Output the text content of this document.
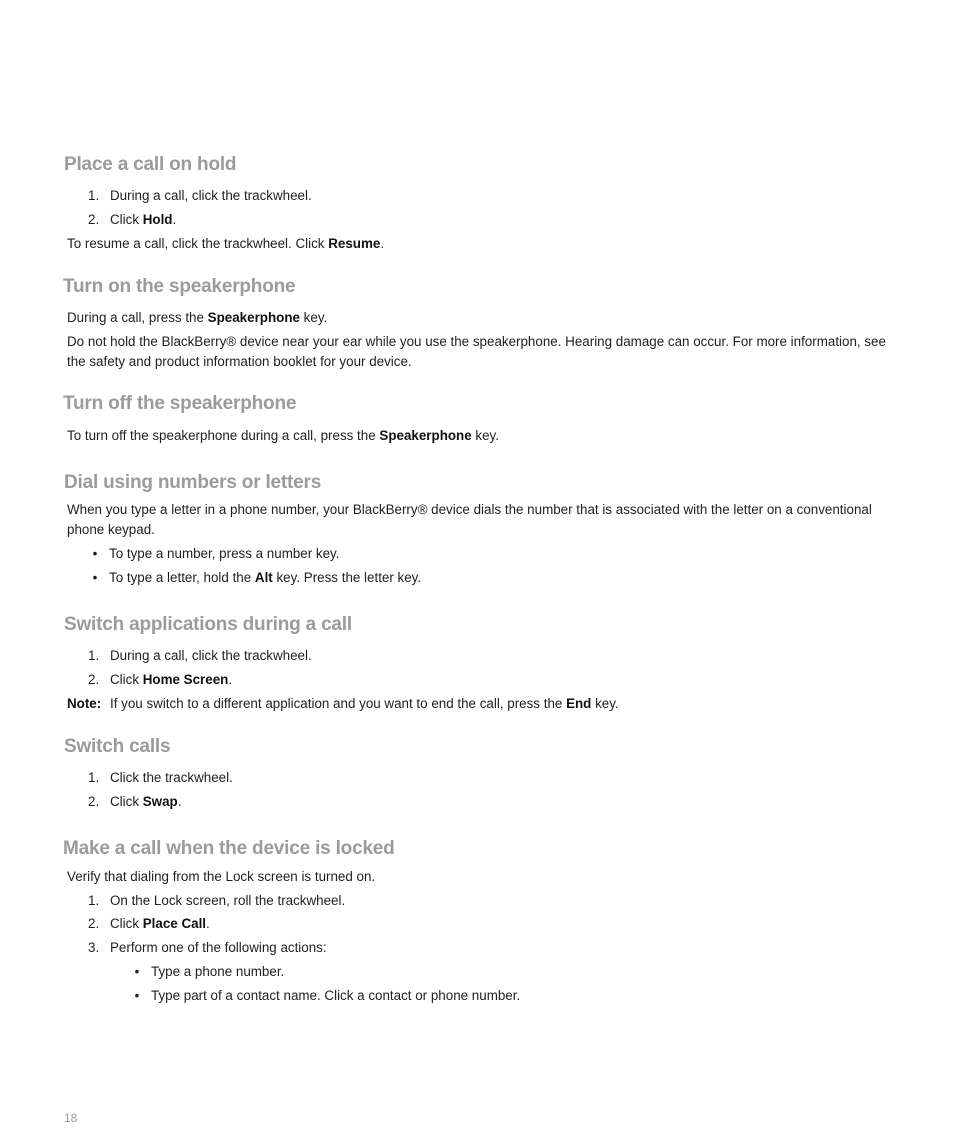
Place a call on hold
1. During a call, click the trackwheel.
2. Click Hold.

To resume a call, click the trackwheel. Click Resume.

Turn on the speakerphone

During a call, press the Speakerphone key.

Do not hold the BlackBerry® device near your ear while you use the speakerphone. Hearing damage can occur. For more information, see the safety and product information booklet for your device.

Turn off the speakerphone

To turn off the speakerphone during a call, press the Speakerphone key.

Dial using numbers or letters

When you type a letter in a phone number, your BlackBerry® device dials the number that is associated with the letter on a conventional phone keypad.

• To type a number, press a number key.
• To type a letter, hold the Alt key. Press the letter key.
Switch applications during a call
1. During a call, click the trackwheel.
2. Click Home Screen.
Note: If you switch to a different application and you want to end the call, press the End key.
Switch calls
1. Click the trackwheel.
2. Click Swap.
Make a call when the device is locked

Verify that dialing from the Lock screen is turned on.

1. On the Lock screen, roll the trackwheel.
2. Click Place Call.
3. Perform one of the following actions:
• Type a phone number.
• Type part of a contact name. Click a contact or phone number.
18
